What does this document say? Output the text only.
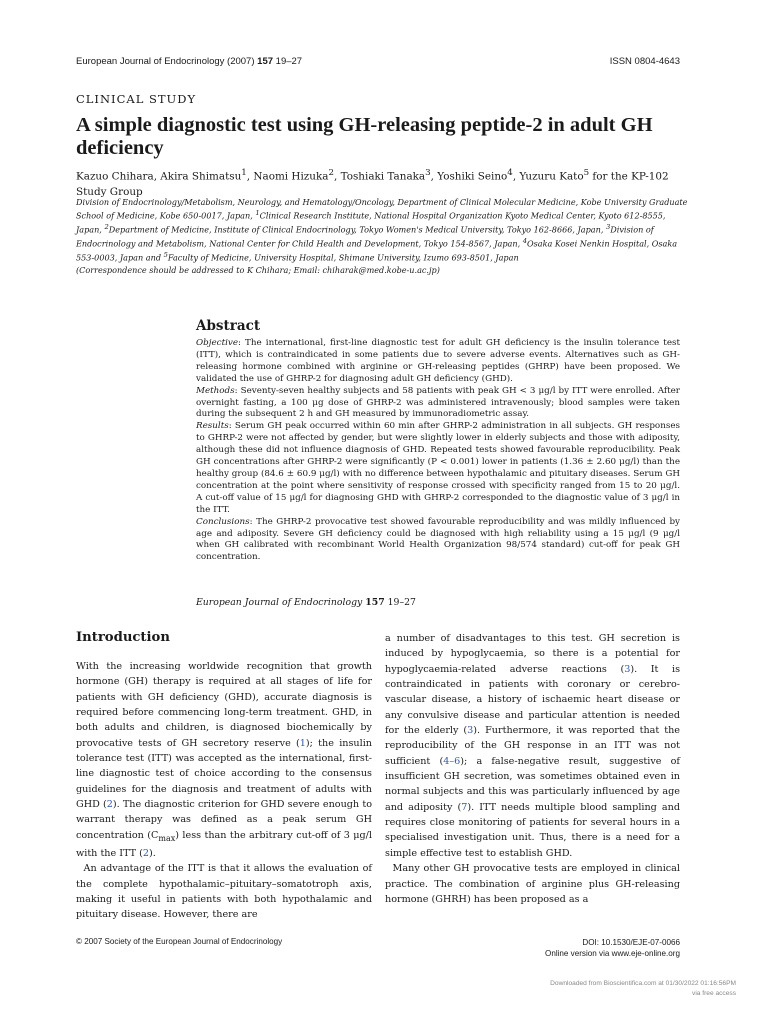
European Journal of Endocrinology (2007) 157 19–27	ISSN 0804-4643
CLINICAL STUDY
A simple diagnostic test using GH-releasing peptide-2 in adult GH deficiency
Kazuo Chihara, Akira Shimatsu$^1$, Naomi Hizuka$^2$, Toshiaki Tanaka$^3$, Yoshiki Seino$^4$, Yuzuru Kato$^5$ for the KP-102 Study Group
Division of Endocrinology/Metabolism, Neurology, and Hematology/Oncology, Department of Clinical Molecular Medicine, Kobe University Graduate School of Medicine, Kobe 650-0017, Japan, $^1$Clinical Research Institute, National Hospital Organization Kyoto Medical Center, Kyoto 612-8555, Japan, $^2$Department of Medicine, Institute of Clinical Endocrinology, Tokyo Women's Medical University, Tokyo 162-8666, Japan, $^3$Division of Endocrinology and Metabolism, National Center for Child Health and Development, Tokyo 154-8567, Japan, $^4$Osaka Kosei Nenkin Hospital, Osaka 553-0003, Japan and $^5$Faculty of Medicine, University Hospital, Shimane University, Izumo 693-8501, Japan
(Correspondence should be addressed to K Chihara; Email: chiharak@med.kobe-u.ac.jp)
Abstract

Objective: The international, first-line diagnostic test for adult GH deficiency is the insulin tolerance test (ITT), which is contraindicated in some patients due to severe adverse events. Alternatives such as GH-releasing hormone combined with arginine or GH-releasing peptides (GHRP) have been proposed. We validated the use of GHRP-2 for diagnosing adult GH deficiency (GHD).

Methods: Seventy-seven healthy subjects and 58 patients with peak GH < 3 μg/l by ITT were enrolled. After overnight fasting, a 100 μg dose of GHRP-2 was administered intravenously; blood samples were taken during the subsequent 2 h and GH measured by immunoradiometric assay.

Results: Serum GH peak occurred within 60 min after GHRP-2 administration in all subjects. GH responses to GHRP-2 were not affected by gender, but were slightly lower in elderly subjects and those with adiposity, although these did not influence diagnosis of GHD. Repeated tests showed favourable reproducibility. Peak GH concentrations after GHRP-2 were significantly (P < 0.001) lower in patients (1.36 ± 2.60 μg/l) than the healthy group (84.6 ± 60.9 μg/l) with no difference between hypothalamic and pituitary diseases. Serum GH concentration at the point where sensitivity of response crossed with specificity ranged from 15 to 20 μg/l. A cut-off value of 15 μg/l for diagnosing GHD with GHRP-2 corresponded to the diagnostic value of 3 μg/l in the ITT.

Conclusions: The GHRP-2 provocative test showed favourable reproducibility and was mildly influenced by age and adiposity. Severe GH deficiency could be diagnosed with high reliability using a 15 μg/l (9 μg/l when GH calibrated with recombinant World Health Organization 98/574 standard) cut-off for peak GH concentration.

European Journal of Endocrinology 157 19–27
Introduction

With the increasing worldwide recognition that growth hormone (GH) therapy is required at all stages of life for patients with GH deficiency (GHD), accurate diagnosis is required before commencing long-term treatment. GHD, in both adults and children, is diagnosed biochemically by provocative tests of GH secretory reserve (1); the insulin tolerance test (ITT) was accepted as the international, first-line diagnostic test of choice according to the consensus guidelines for the diagnosis and treatment of adults with GHD (2). The diagnostic criterion for GHD severe enough to warrant therapy was defined as a peak serum GH concentration $(C_{max})$ less than the arbitrary cut-off of 3 μg/l with the ITT (2).

An advantage of the ITT is that it allows the evaluation of the complete hypothalamic–pituitary–somatotroph axis, making it useful in patients with both hypothalamic and pituitary disease. However, there are

a number of disadvantages to this test. GH secretion is induced by hypoglycaemia, so there is a potential for hypoglycaemia-related adverse reactions (3). It is contraindicated in patients with coronary or cerebro-vascular disease, a history of ischaemic heart disease or any convulsive disease and particular attention is needed for the elderly (3). Furthermore, it was reported that the reproducibility of the GH response in an ITT was not sufficient (4–6); a false-negative result, suggestive of insufficient GH secretion, was sometimes obtained even in normal subjects and this was particularly influenced by age and adiposity (7). ITT needs multiple blood sampling and requires close monitoring of patients for several hours in a specialised investigation unit. Thus, there is a need for a simple effective test to establish GHD.

Many other GH provocative tests are employed in clinical practice. The combination of arginine plus GH-releasing hormone (GHRH) has been proposed as a

© 2007 Society of the European Journal of Endocrinology	DOI: 10.1530/EJE-07-0066
Online version via www.eje-online.org
Downloaded from Bioscientifica.com at 01/30/2022 01:16:56PM
via free access
